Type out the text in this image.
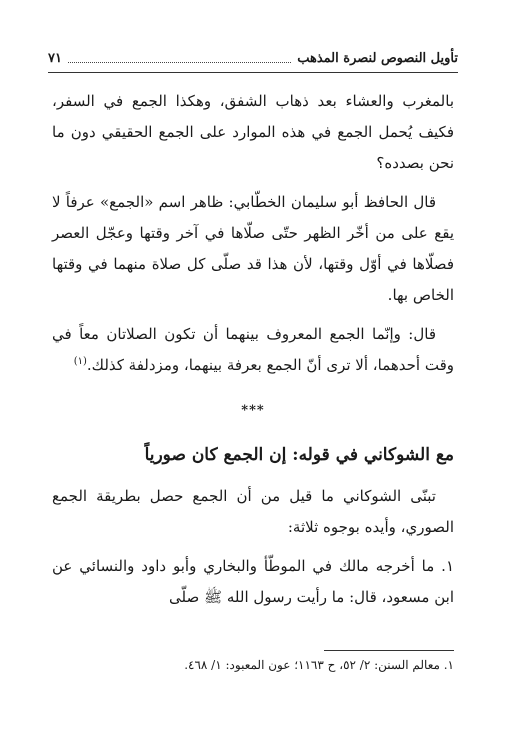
تأويل النصوص لنصرة المذهب
٧١

بالمغرب والعشاء بعد ذهاب الشفق، وهكذا الجمع في السفر، فكيف يُحمل الجمع في هذه الموارد على الجمع الحقيقي دون ما نحن بصدده؟

قال الحافظ أبو سليمان الخطّابي: ظاهر اسم «الجمع» عرفاً لا يقع على من أخّر الظهر حتّى صلّاها في آخر وقتها وعجّل العصر فصلّاها في أوّل وقتها، لأن هذا قد صلّى كل صلاة منهما في وقتها الخاص بها.

قال: وإنّما الجمع المعروف بينهما أن تكون الصلاتان معاً في وقت أحدهما، ألا ترى أنّ الجمع بعرفة بينهما، ومزدلفة كذلك.$^{(١)}$

***
مع الشوكاني في قوله: إن الجمع كان صورياً

تبنّى الشوكاني ما قيل من أن الجمع حصل بطريقة الجمع الصوري، وأيده بوجوه ثلاثة:

١. ما أخرجه مالك في الموطّأ والبخاري وأبو داود والنسائي عن ابن مسعود، قال: ما رأيت رسول الله ﷺ صلّى

١. معالم السنن: ٢/ ٥٢، ح ١١٦٣؛ عون المعبود: ١/ ٤٦٨.
